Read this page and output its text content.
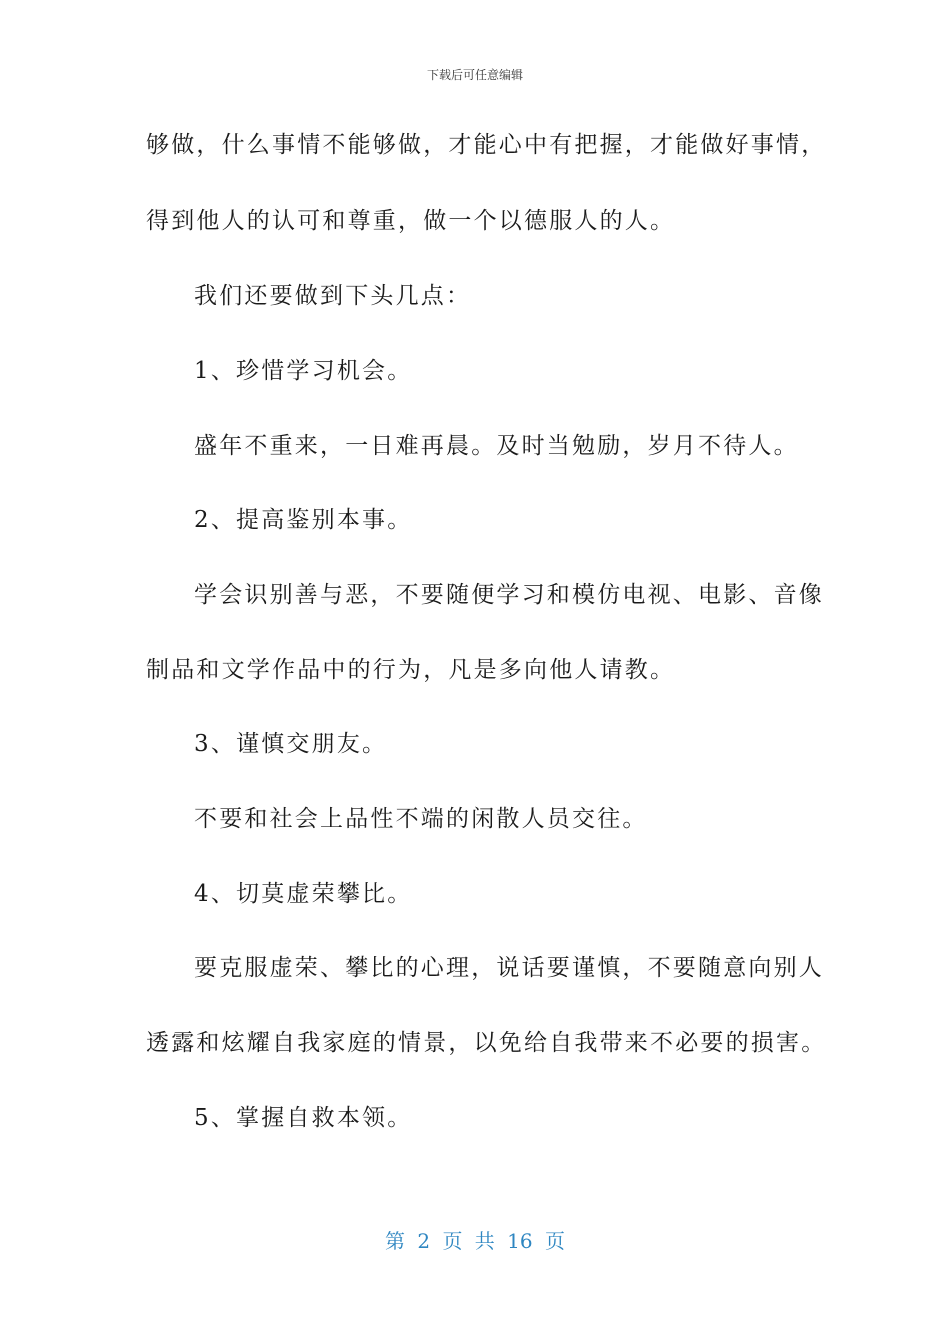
下载后可任意编辑
够做，什么事情不能够做，才能心中有把握，才能做好事情，
得到他人的认可和尊重，做一个以德服人的人。
我们还要做到下头几点：
1、珍惜学习机会。
盛年不重来，一日难再晨。及时当勉励，岁月不待人。
2、提高鉴别本事。
学会识别善与恶，不要随便学习和模仿电视、电影、音像
制品和文学作品中的行为，凡是多向他人请教。
3、谨慎交朋友。
不要和社会上品性不端的闲散人员交往。
4、切莫虚荣攀比。
要克服虚荣、攀比的心理，说话要谨慎，不要随意向别人
透露和炫耀自我家庭的情景，以免给自我带来不必要的损害。
5、掌握自救本领。
第 2 页 共 16 页
